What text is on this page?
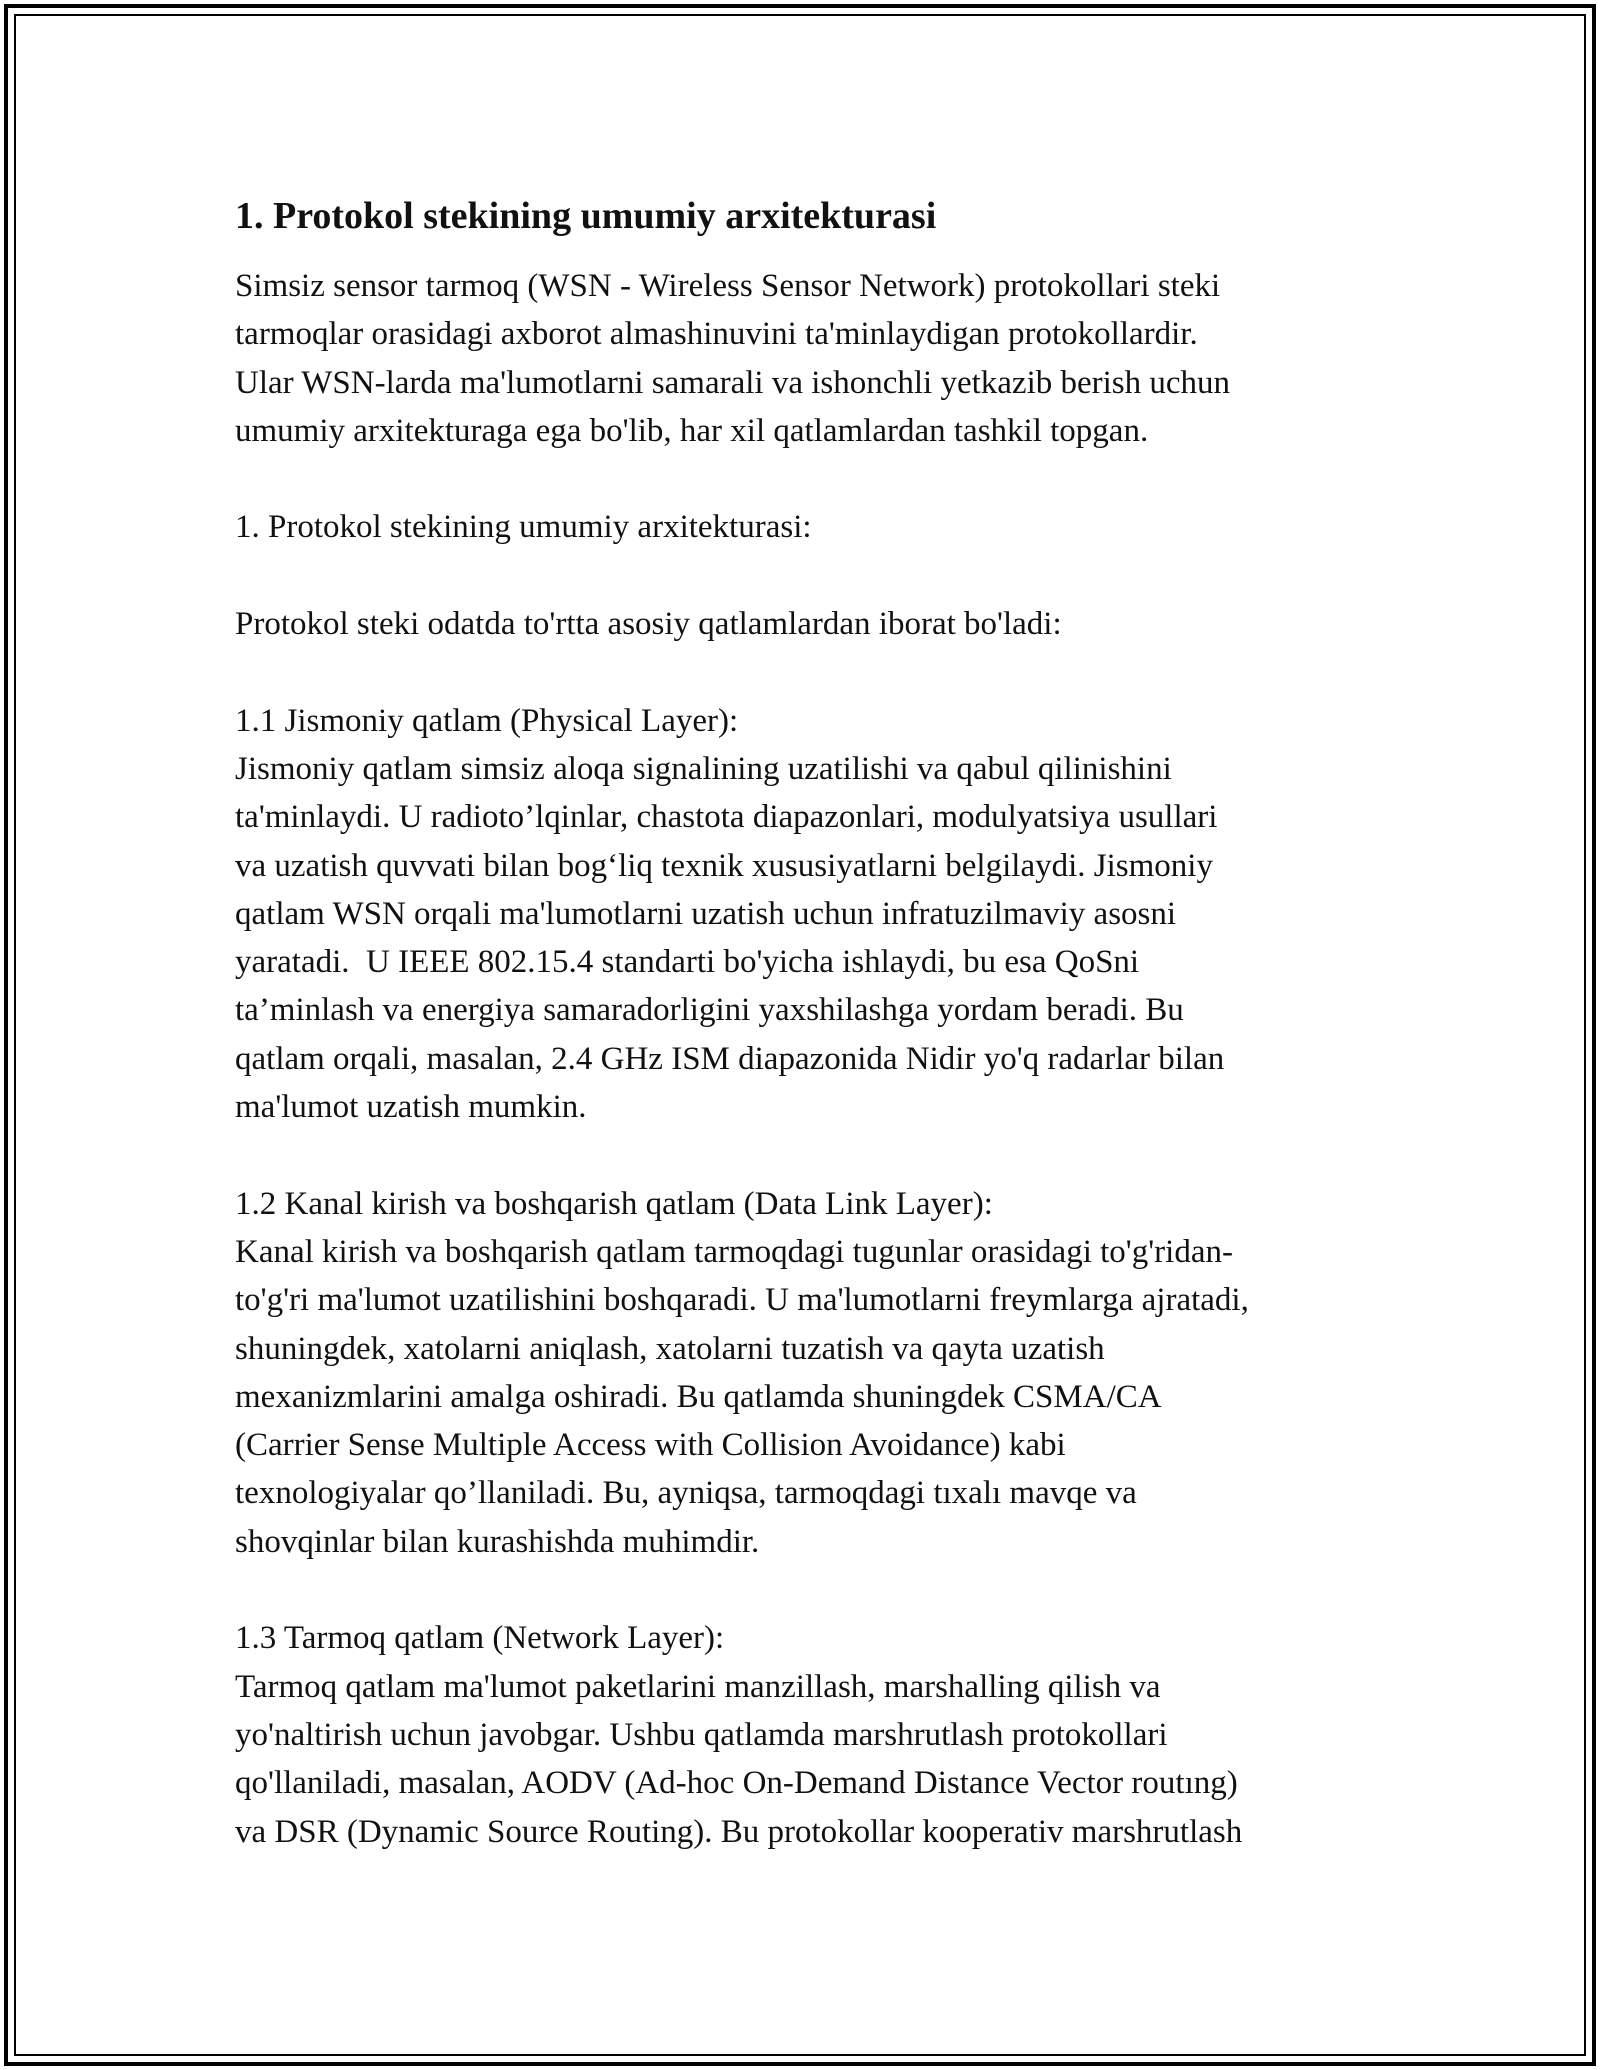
1. Protokol stekining umumiy arxitekturasi
Simsiz sensor tarmoq (WSN - Wireless Sensor Network) protokollari steki
tarmoqlar orasidagi axborot almashinuvini ta'minlaydigan protokollardir.
Ular WSN-larda ma'lumotlarni samarali va ishonchli yetkazib berish uchun
umumiy arxitekturaga ega bo'lib, har xil qatlamlardan tashkil topgan.
1. Protokol stekining umumiy arxitekturasi:
Protokol steki odatda to'rtta asosiy qatlamlardan iborat bo'ladi:
1.1 Jismoniy qatlam (Physical Layer):
Jismoniy qatlam simsiz aloqa signalining uzatilishi va qabul qilinishini
ta'minlaydi. U radioto’lqinlar, chastota diapazonlari, modulyatsiya usullari
va uzatish quvvati bilan bog‘liq texnik xususiyatlarni belgilaydi. Jismoniy
qatlam WSN orqali ma'lumotlarni uzatish uchun infratuzilmaviy asosni
yaratadi.  U IEEE 802.15.4 standarti bo'yicha ishlaydi, bu esa QoSni
ta’minlash va energiya samaradorligini yaxshilashga yordam beradi. Bu
qatlam orqali, masalan, 2.4 GHz ISM diapazonida Nidir yo'q radarlar bilan
ma'lumot uzatish mumkin.
1.2 Kanal kirish va boshqarish qatlam (Data Link Layer):
Kanal kirish va boshqarish qatlam tarmoqdagi tugunlar orasidagi to'g'ridan-
to'g'ri ma'lumot uzatilishini boshqaradi. U ma'lumotlarni freymlarga ajratadi,
shuningdek, xatolarni aniqlash, xatolarni tuzatish va qayta uzatish
mexanizmlarini amalga oshiradi. Bu qatlamda shuningdek CSMA/CA
(Carrier Sense Multiple Access with Collision Avoidance) kabi
texnologiyalar qo’llaniladi. Bu, ayniqsa, tarmoqdagi tıxalı mavqe va
shovqinlar bilan kurashishda muhimdir.
1.3 Tarmoq qatlam (Network Layer):
Tarmoq qatlam ma'lumot paketlarini manzillash, marshalling qilish va
yo'naltirish uchun javobgar. Ushbu qatlamda marshrutlash protokollari
qo'llaniladi, masalan, AODV (Ad-hoc On-Demand Distance Vector routıng)
va DSR (Dynamic Source Routing). Bu protokollar kooperativ marshrutlash
